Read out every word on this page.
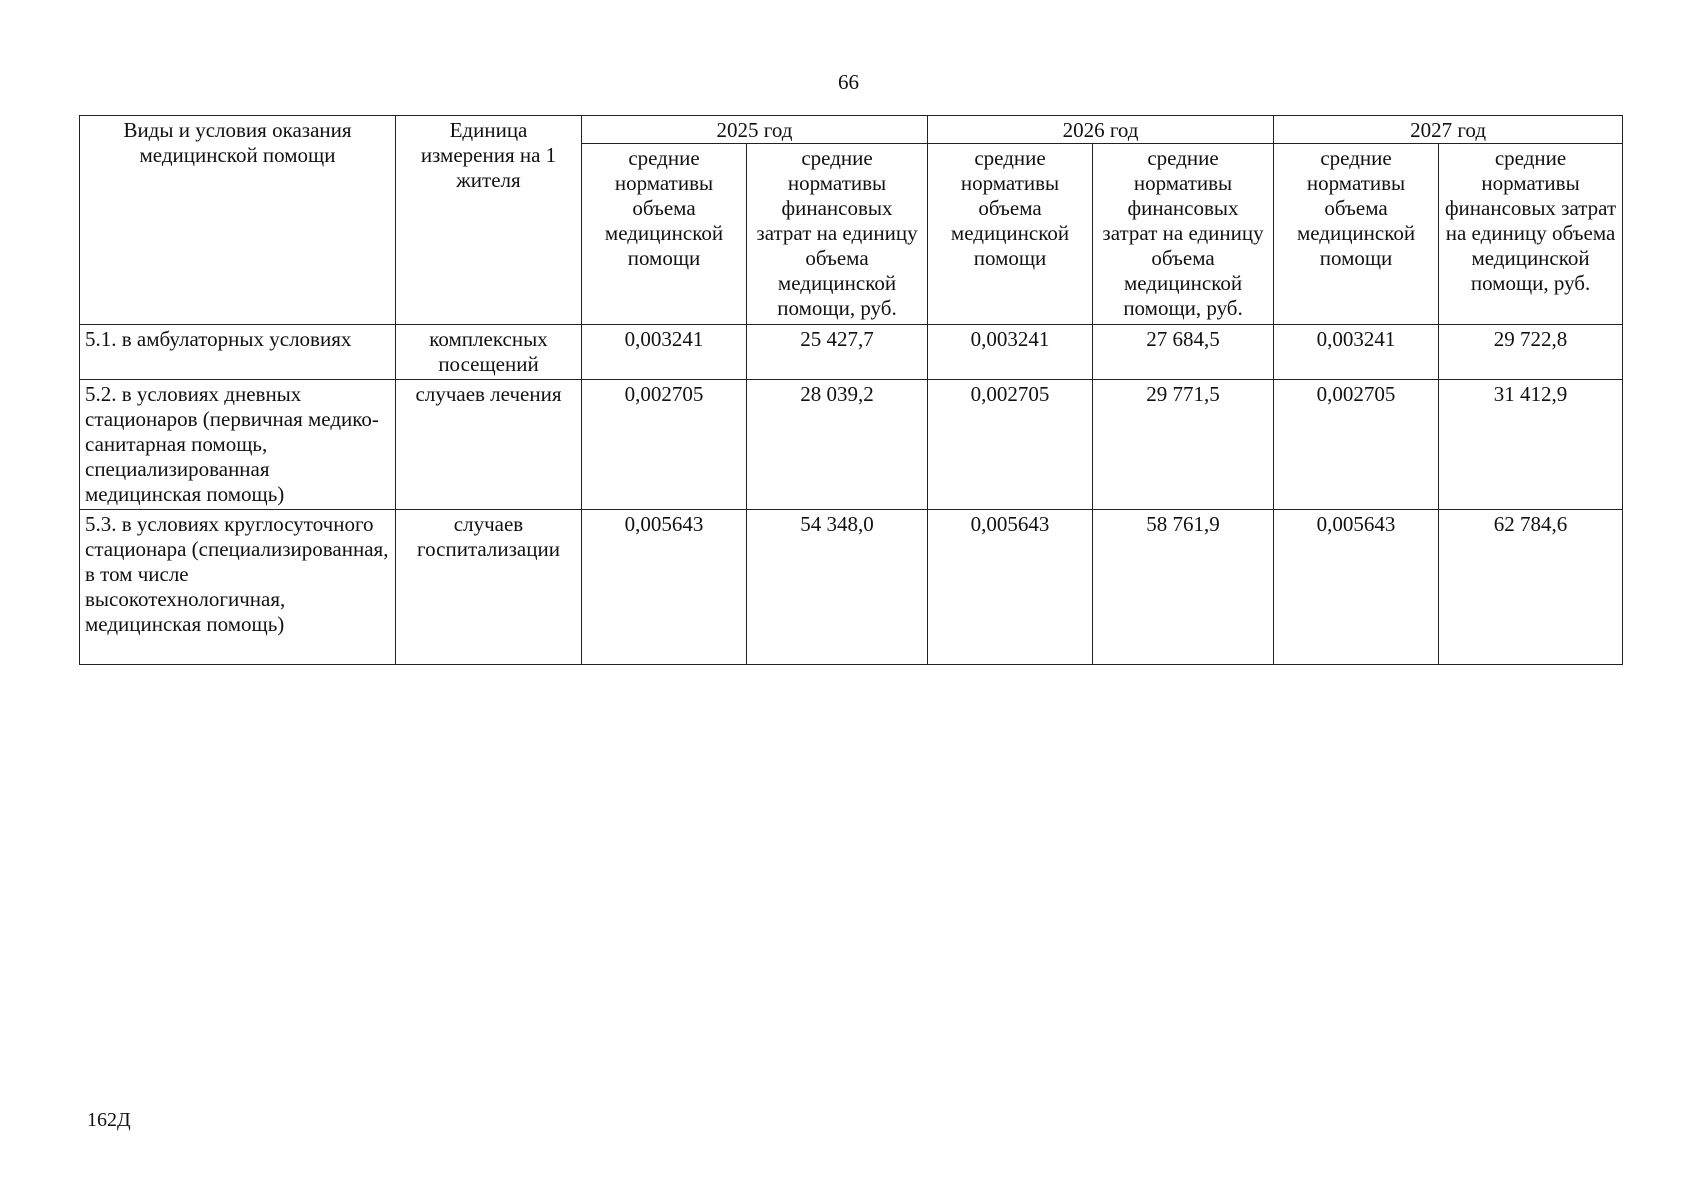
66
Виды и условия оказания медицинской помощи	Единица измерения на 1 жителя	2025 год		2026 год		2027 год	
		средние нормативы объема медицинской помощи	средние нормативы финансовых затрат на единицу объема медицинской помощи, руб.	средние нормативы объема медицинской помощи	средние нормативы финансовых затрат на единицу объема медицинской помощи, руб.	средние нормативы объема медицинской помощи	средние нормативы финансовых затрат на единицу объема медицинской помощи, руб.
5.1. в амбулаторных условиях	комплексных посещений	0,003241	25 427,7	0,003241	27 684,5	0,003241	29 722,8
5.2. в условиях дневных стационаров (первичная медико-санитарная помощь, специализированная медицинская помощь)	случаев лечения	0,002705	28 039,2	0,002705	29 771,5	0,002705	31 412,9
5.3. в условиях круглосуточного стационара (специализированная, в том числе высокотехнологичная, медицинская помощь)	случаев госпитализации	0,005643	54 348,0	0,005643	58 761,9	0,005643	62 784,6
162Д
